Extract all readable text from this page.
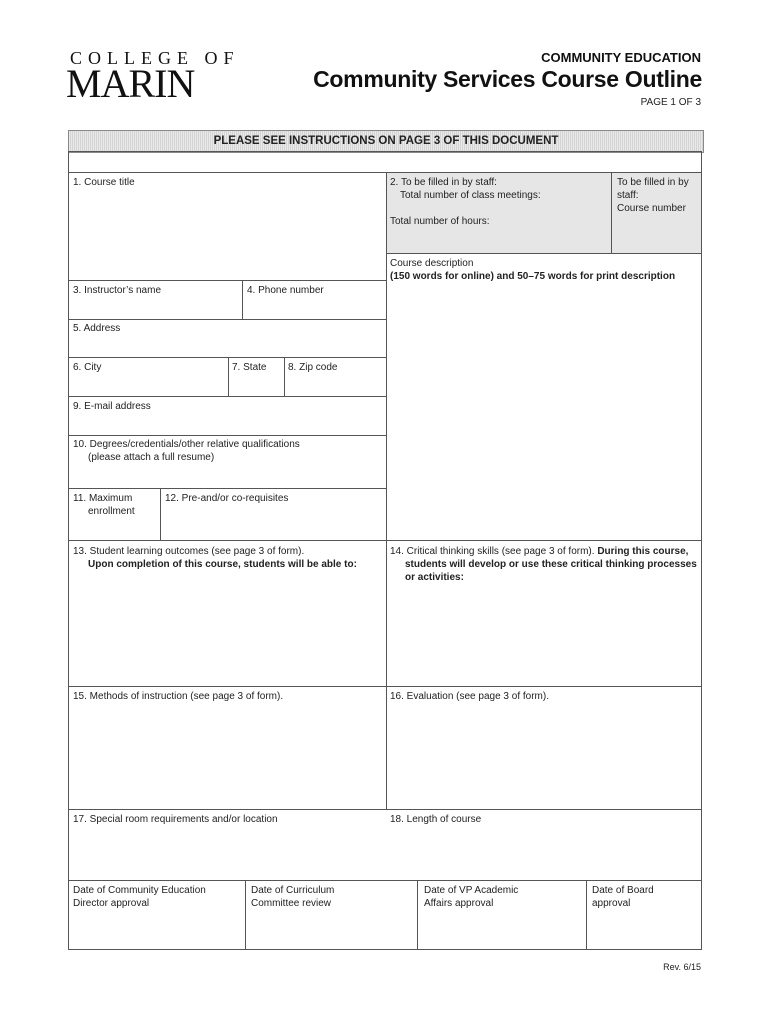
COLLEGE OF
MARIN
COMMUNITY EDUCATION
Community Services Course Outline
PAGE 1 OF 3
PLEASE SEE INSTRUCTIONS ON PAGE 3 OF THIS DOCUMENT
1. Course title	2. To be filled in by staff:
Total number of class meetings:
Total number of hours:
To be filled in by staff:
Course number
Course description
(150 words for online) and 50–75 words for print description
3. Instructor’s name	4. Phone number
5. Address
6. City	7. State 8. Zip code
9. E-mail address
10. Degrees/credentials/other relative qualifications
(please attach a full resume)
11. Maximum
enrollment
12. Pre-and/or co-requisites
13. Student learning outcomes (see page 3 of form).
Upon completion of this course, students will be able to:
14. Critical thinking skills (see page 3 of form). During this course,
students will develop or use these critical thinking processes
or activities:
15. Methods of instruction (see page 3 of form).	16. Evaluation (see page 3 of form).
17. Special room requirements and/or location	18. Length of course
Date of Community Education
Director approval
Date of Curriculum
Committee review
Date of VP Academic
Affairs approval
Date of Board
approval
Rev. 6/15
